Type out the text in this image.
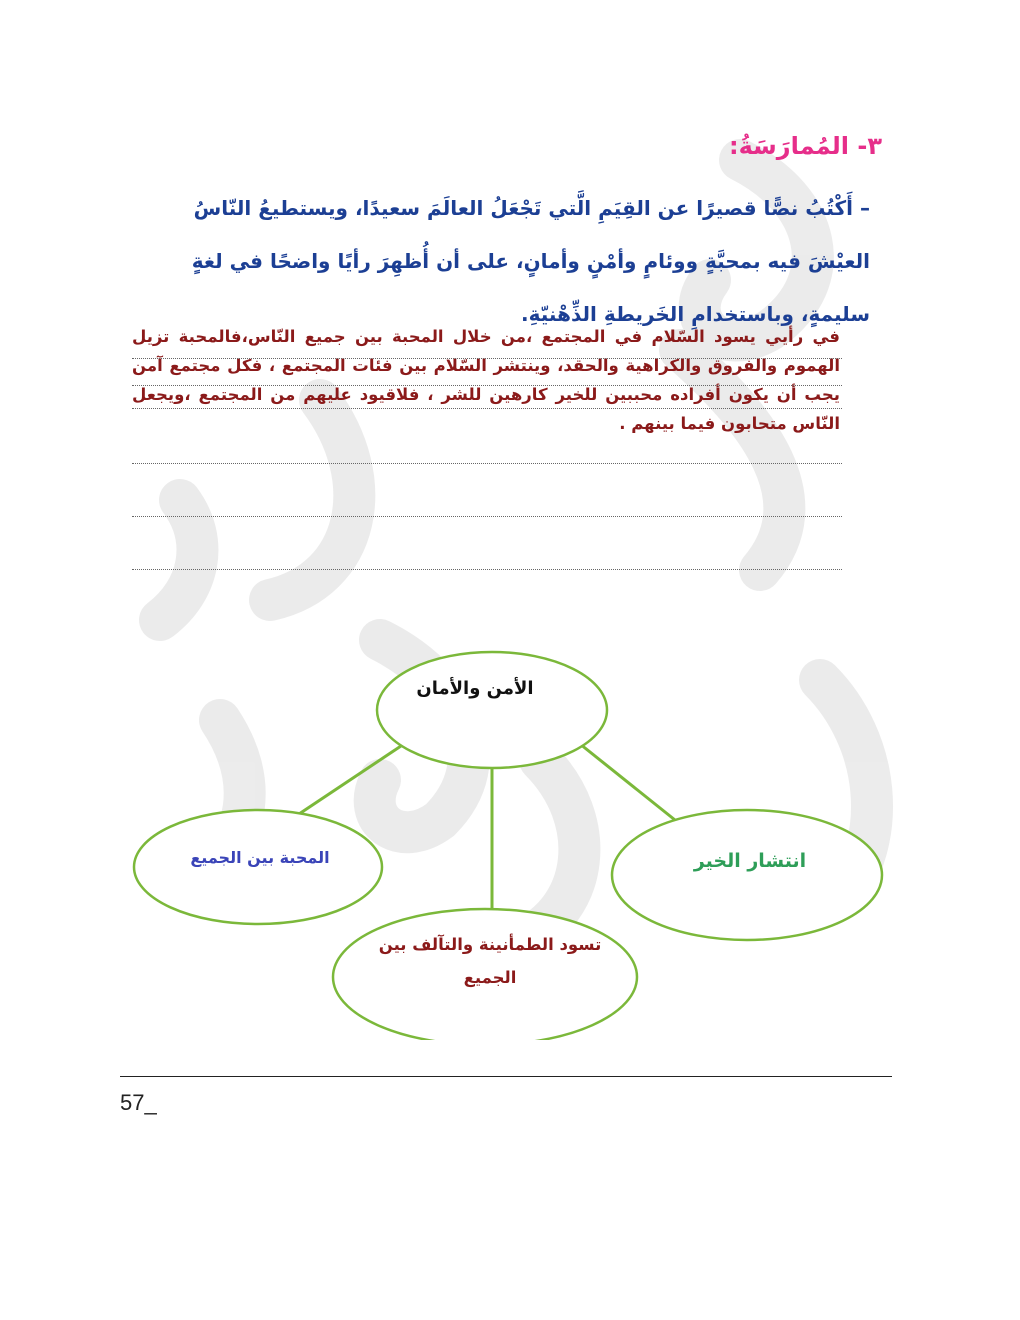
٣- المُمارَسَةُ:
– أَكْتُبُ نصًّا قصيرًا عن القِيَمِ الَّتي تَجْعَلُ العالَمَ سعيدًا، ويستطيعُ النّاسُ العيْشَ فيه بمحبَّةٍ ووئامٍ وأمْنٍ وأمانٍ، على أن أُظهِرَ رأيًا واضحًا في لغةٍ سليمةٍ، وباستخدامِ الخَريطةِ الذِّهْنيّةِ.
في رأيي يسود السّلام في المجتمع ،من خلال المحبة بين جميع النّاس،فالمحبة تزيل الهموم والفروق والكراهية والحقد، وينتشر السّلام بين فئات المجتمع ، فكل مجتمع آمن يجب أن يكون أفراده محببين للخير كارهين للشر ، فلاقيود عليهم من المجتمع ،ويجعل النّاس متحابون فيما بينهم .
الأمن والأمان
المحبة بين الجميع	انتشار الخير
تسود الطمأنينة والتآلف بين الجميع
57_
